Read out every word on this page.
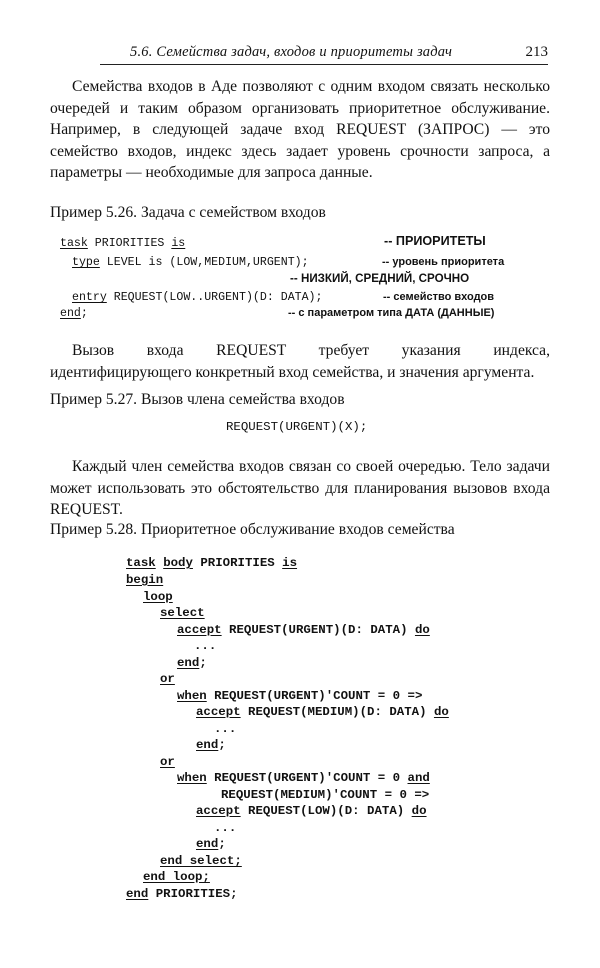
5.6. Семейства задач, входов и приоритеты задач	213
Семейства входов в Аде позволяют с одним входом связать несколько очередей и таким образом организовать приоритетное обслуживание. Например, в следующей задаче вход REQUEST (ЗАПРОС) — это семейство входов, индекс здесь задает уровень срочности запроса, а параметры — необходимые для запроса данные.
Пример 5.26. Задача с семейством входов
task PRIORITIES is	-- ПРИОРИТЕТЫ
type LEVEL is (LOW,MEDIUM,URGENT);	-- уровень приоритета
-- НИЗКИЙ, СРЕДНИЙ, СРОЧНО
entry REQUEST(LOW..URGENT)(D: DATA);	-- семейство входов
end;	-- с параметром типа ДАТА (ДАННЫЕ)
Вызов входа REQUEST требует указания индекса, идентифицирующего конкретный вход семейства, и значения аргумента.
Пример 5.27. Вызов члена семейства входов
REQUEST(URGENT)(X);
Каждый член семейства входов связан со своей очередью. Тело задачи может использовать это обстоятельство для планирования вызовов входа REQUEST.
Пример 5.28. Приоритетное обслуживание входов семейства
task body PRIORITIES is
begin
loop
select
accept REQUEST(URGENT)(D: DATA) do
...
end;
or
when REQUEST(URGENT)'COUNT = 0 =>
accept REQUEST(MEDIUM)(D: DATA) do
...
end;
or
when REQUEST(URGENT)'COUNT = 0 and
REQUEST(MEDIUM)'COUNT = 0 =>
accept REQUEST(LOW)(D: DATA) do
...
end;
end select;
end loop;
end PRIORITIES;
